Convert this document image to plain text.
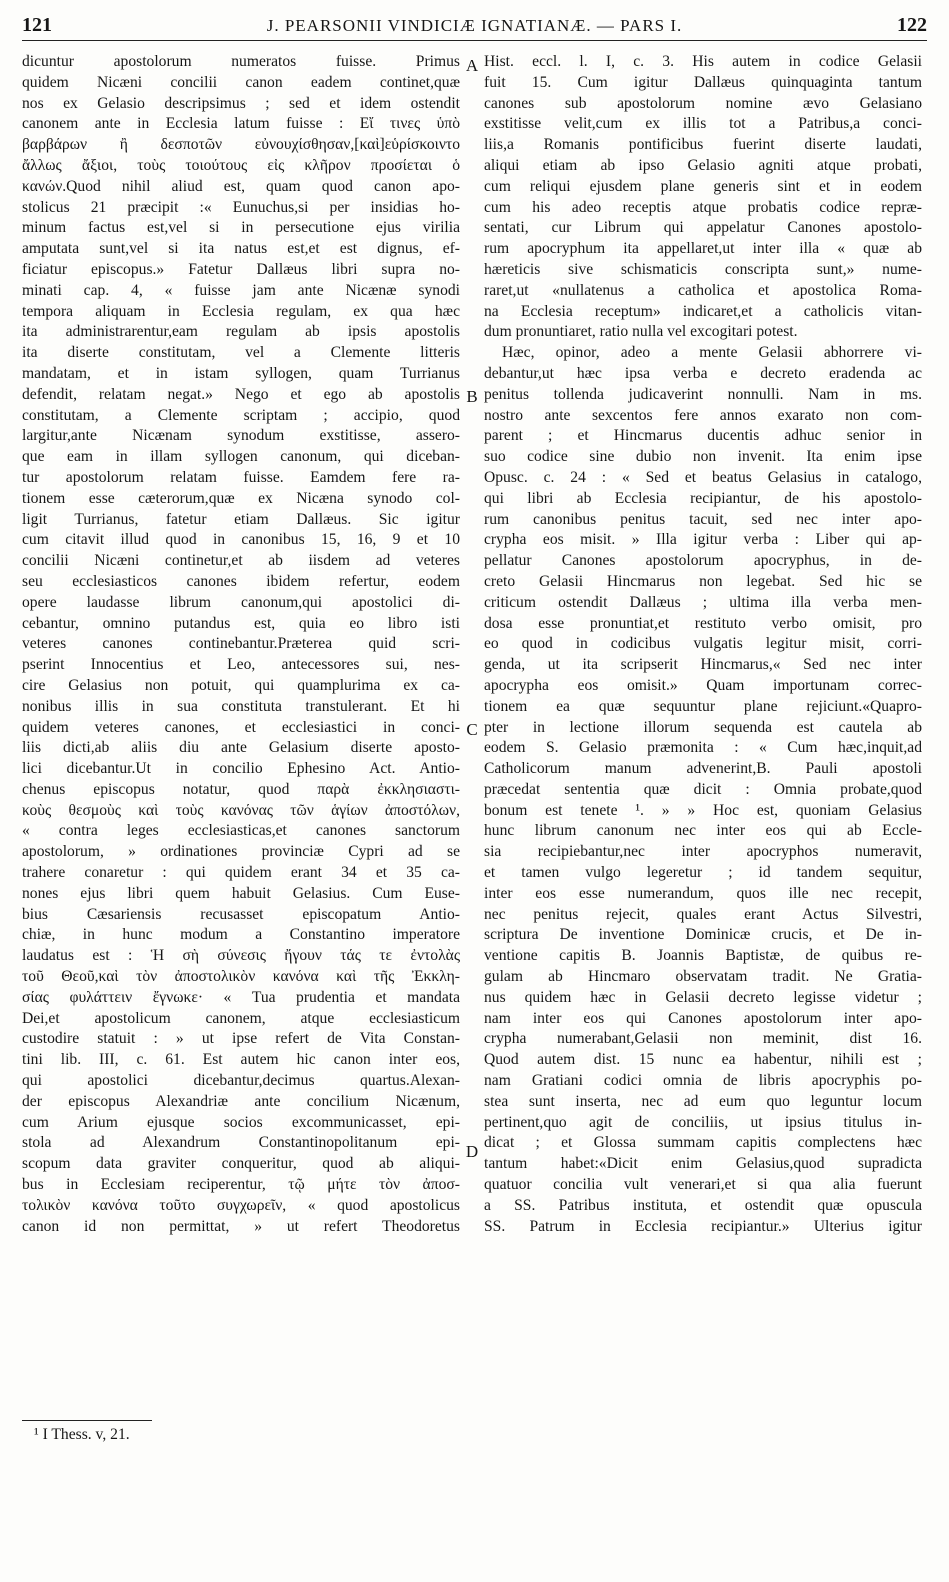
121	J. PEARSONII VINDICIÆ IGNATIANÆ. — PARS I.	122
dicuntur apostolorum numeratos fuisse. Primus
quidem Nicæni concilii canon eadem continet,quæ
nos ex Gelasio descripsimus ; sed et idem ostendit
canonem ante in Ecclesia latum fuisse : Εἴ τινες ὑπὸ
βαρβάρων ἢ δεσποτῶν εὐνουχίσθησαν,[καὶ]εὑρίσκοιντο
ἄλλως ἄξιοι, τοὺς τοιούτους εἰς κλῆρον προσίεται ὁ
κανών.Quod nihil aliud est, quam quod canon apo-
stolicus 21 præcipit :« Eunuchus,si per insidias ho-
minum factus est,vel si in persecutione ejus virilia
amputata sunt,vel si ita natus est,et est dignus, ef-
ficiatur episcopus.» Fatetur Dallæus libri supra no-
minati cap. 4, « fuisse jam ante Nicænæ synodi
tempora aliquam in Ecclesia regulam, ex qua hæc
ita administrarentur,eam regulam ab ipsis apostolis
ita diserte constitutam, vel a Clemente litteris
mandatam, et in istam syllogen, quam Turrianus
defendit, relatam negat.» Nego et ego ab apostolis
constitutam, a Clemente scriptam ; accipio, quod
largitur,ante Nicænam synodum exstitisse, assero-
que eam in illam syllogen canonum, qui diceban-
tur apostolorum relatam fuisse. Eamdem fere ra-
tionem esse cæterorum,quæ ex Nicæna synodo col-
ligit Turrianus, fatetur etiam Dallæus. Sic igitur
cum citavit illud quod in canonibus 15, 16, 9 et 10
concilii Nicæni continetur,et ab iisdem ad veteres
seu ecclesiasticos canones ibidem refertur, eodem
opere laudasse librum canonum,qui apostolici di-
cebantur, omnino putandus est, quia eo libro isti
veteres canones continebantur.Præterea quid scri-
pserint Innocentius et Leo, antecessores sui, nes-
cire Gelasius non potuit, qui quamplurima ex ca-
nonibus illis in sua constituta transtulerant. Et hi
quidem veteres canones, et ecclesiastici in conci-
liis dicti,ab aliis diu ante Gelasium diserte aposto-
lici dicebantur.Ut in concilio Ephesino Act. Antio-
chenus episcopus notatur, quod παρὰ ἐκκλησιαστι-
κοὺς θεσμοὺς καὶ τοὺς κανόνας τῶν ἁγίων ἀποστόλων,
« contra leges ecclesiasticas,et canones sanctorum
apostolorum, » ordinationes provinciæ Cypri ad se
trahere conaretur : qui quidem erant 34 et 35 ca-
nones ejus libri quem habuit Gelasius. Cum Euse-
bius Cæsariensis recusasset episcopatum Antio-
chiæ, in hunc modum a Constantino imperatore
laudatus est : Ἡ σὴ σύνεσις ἤγουν τάς τε ἐντολὰς
τοῦ Θεοῦ,καὶ τὸν ἀποστολικὸν κανόνα καὶ τῆς Ἐκκλη-
σίας φυλάττειν ἔγνωκε· « Tua prudentia et mandata
Dei,et apostolicum canonem, atque ecclesiasticum
custodire statuit : » ut ipse refert de Vita Constan-
tini lib. III, c. 61. Est autem hic canon inter eos,
qui apostolici dicebantur,decimus quartus.Alexan-
der episcopus Alexandriæ ante concilium Nicænum,
cum Arium ejusque socios excommunicasset, epi-
stola ad Alexandrum Constantinopolitanum epi-
scopum data graviter conqueritur, quod ab aliqui-
bus in Ecclesiam reciperentur, τῷ μήτε τὸν ἀποσ-
τολικὸν κανόνα τοῦτο συγχωρεῖν, « quod apostolicus
canon id non permittat, » ut refert Theodoretus
A
B
C
D
Hist. eccl. l. I, c. 3. His autem in codice Gelasii
fuit 15. Cum igitur Dallæus quinquaginta tantum
canones sub apostolorum nomine ævo Gelasiano
exstitisse velit,cum ex illis tot a Patribus,a conci-
liis,a Romanis pontificibus fuerint diserte laudati,
aliqui etiam ab ipso Gelasio agniti atque probati,
cum reliqui ejusdem plane generis sint et in eodem
cum his adeo receptis atque probatis codice repræ-
sentati, cur Librum qui appelatur Canones apostolo-
rum apocryphum ita appellaret,ut inter illa « quæ ab
hæreticis sive schismaticis conscripta sunt,» nume-
raret,ut «nullatenus a catholica et apostolica Roma-
na Ecclesia receptum» indicaret,et a catholicis vitan-
dum pronuntiaret, ratio nulla vel excogitari potest.
Hæc, opinor, adeo a mente Gelasii abhorrere vi-
debantur,ut hæc ipsa verba e decreto eradenda ac
penitus tollenda judicaverint nonnulli. Nam in ms.
nostro ante sexcentos fere annos exarato non com-
parent ; et Hincmarus ducentis adhuc senior in
suo codice sine dubio non invenit. Ita enim ipse
Opusc. c. 24 : « Sed et beatus Gelasius in catalogo,
qui libri ab Ecclesia recipiantur, de his apostolo-
rum canonibus penitus tacuit, sed nec inter apo-
crypha eos misit. » Illa igitur verba : Liber qui ap-
pellatur Canones apostolorum apocryphus, in de-
creto Gelasii Hincmarus non legebat. Sed hic se
criticum ostendit Dallæus ; ultima illa verba men-
dosa esse pronuntiat,et restituto verbo omisit, pro
eo quod in codicibus vulgatis legitur misit, corri-
genda, ut ita scripserit Hincmarus,« Sed nec inter
apocrypha eos omisit.» Quam importunam correc-
tionem ea quæ sequuntur plane rejiciunt.«Quapro-
pter in lectione illorum sequenda est cautela ab
eodem S. Gelasio præmonita : « Cum hæc,inquit,ad
Catholicorum manum advenerint,B. Pauli apostoli
præcedat sententia quæ dicit : Omnia probate,quod
bonum est tenete ¹. » » Hoc est, quoniam Gelasius
hunc librum canonum nec inter eos qui ab Eccle-
sia recipiebantur,nec inter apocryphos numeravit,
et tamen vulgo legeretur ; id tandem sequitur,
inter eos esse numerandum, quos ille nec recepit,
nec penitus rejecit, quales erant Actus Silvestri,
scriptura De inventione Dominicæ crucis, et De in-
ventione capitis B. Joannis Baptistæ, de quibus re-
gulam ab Hincmaro observatam tradit. Ne Gratia-
nus quidem hæc in Gelasii decreto legisse videtur ;
nam inter eos qui Canones apostolorum inter apo-
crypha numerabant,Gelasii non meminit, dist 16.
Quod autem dist. 15 nunc ea habentur, nihili est ;
nam Gratiani codici omnia de libris apocryphis po-
stea sunt inserta, nec ad eum quo leguntur locum
pertinent,quo agit de conciliis, ut ipsius titulus in-
dicat ; et Glossa summam capitis complectens hæc
tantum habet:«Dicit enim Gelasius,quod supradicta
quatuor concilia vult venerari,et si qua alia fuerunt
a SS. Patribus instituta, et ostendit quæ opuscula
SS. Patrum in Ecclesia recipiantur.» Ulterius igitur
¹ I Thess. v, 21.
